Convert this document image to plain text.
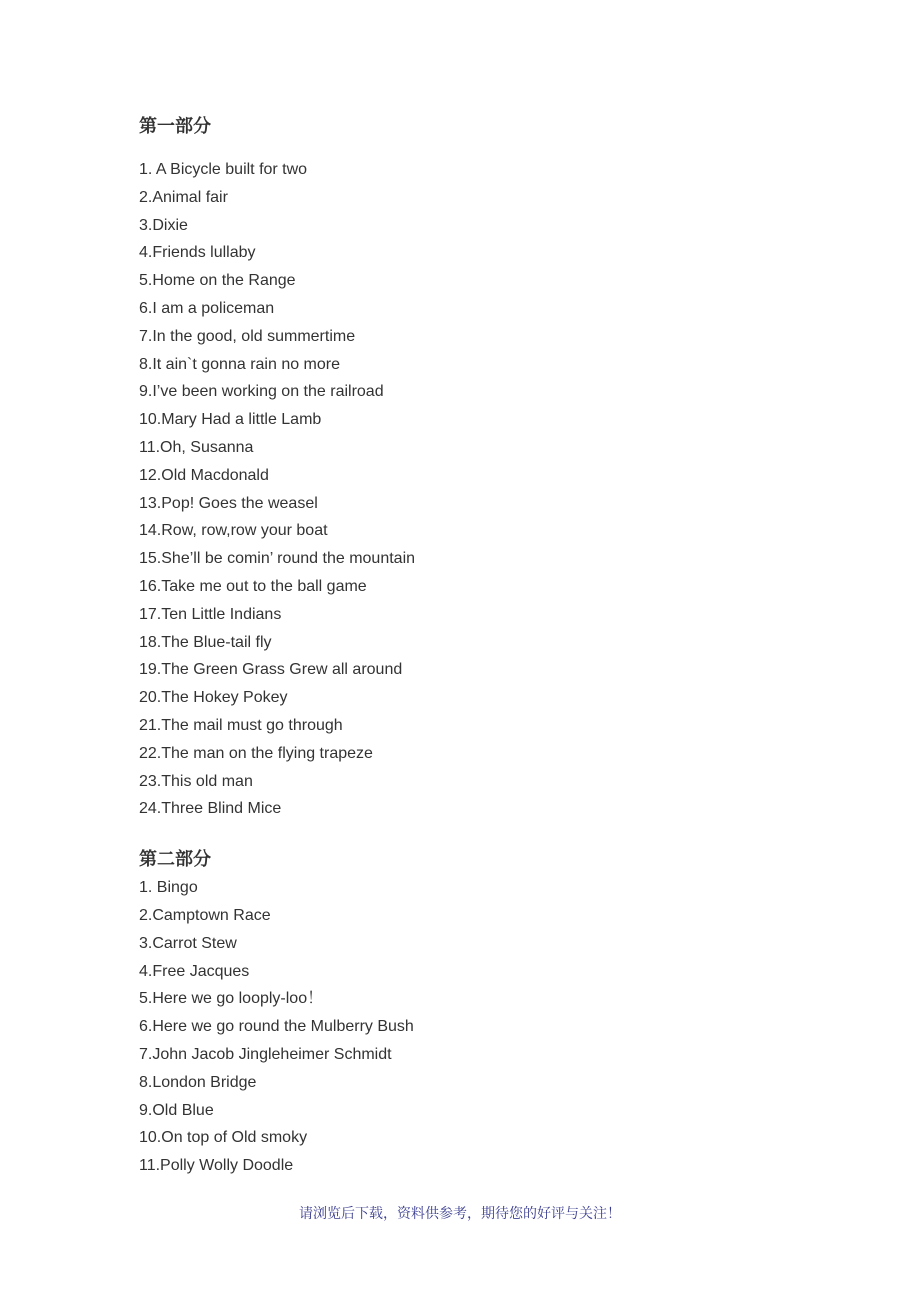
第一部分
1. A Bicycle built for two
2.Animal fair
3.Dixie
4.Friends lullaby
5.Home on the Range
6.I am a policeman
7.In the good, old summertime
8.It ain`t gonna rain no more
9.I’ve been working on the railroad
10.Mary Had a little Lamb
11.Oh, Susanna
12.Old Macdonald
13.Pop! Goes the weasel
14.Row, row,row your boat
15.She’ll be comin’ round the mountain
16.Take me out to the ball game
17.Ten Little Indians
18.The Blue-tail fly
19.The Green Grass Grew all around
20.The Hokey Pokey
21.The mail must go through
22.The man on the flying trapeze
23.This old man
24.Three Blind Mice
第二部分
1. Bingo
2.Camptown Race
3.Carrot Stew
4.Free Jacques
5.Here we go looply-loo！
6.Here we go round the Mulberry Bush
7.John Jacob Jingleheimer Schmidt
8.London Bridge
9.Old Blue
10.On top of Old smoky
11.Polly Wolly Doodle
请浏览后下载，资料供参考，期待您的好评与关注！
